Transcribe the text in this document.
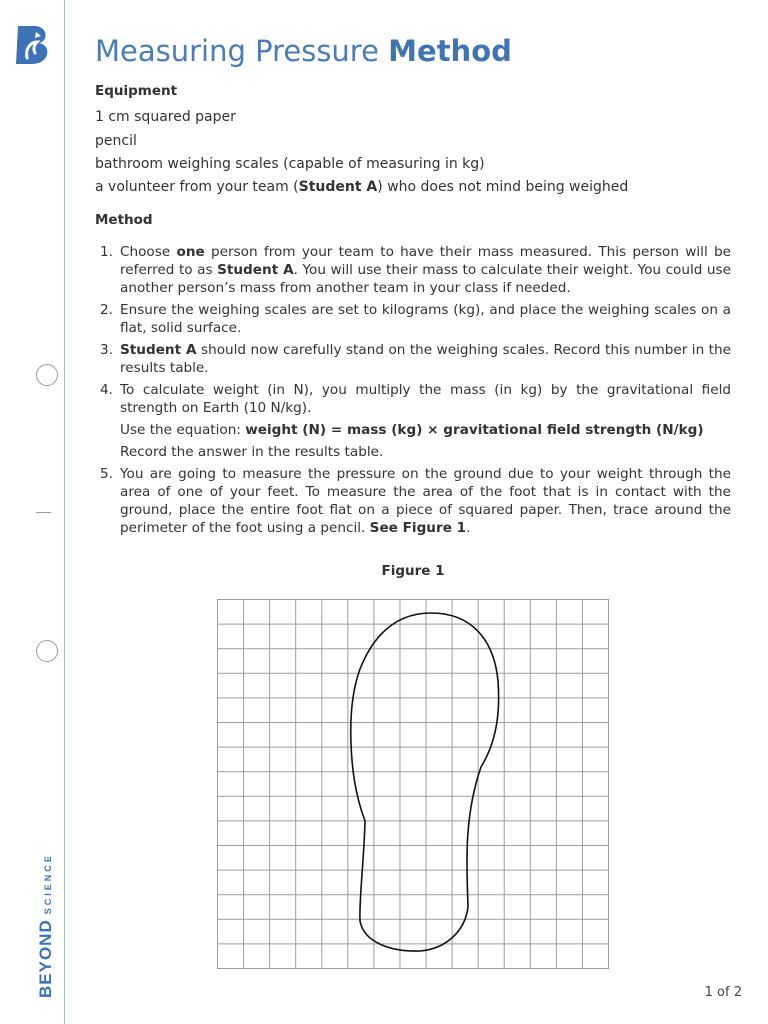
BEYONDSCIENCE
Measuring Pressure Method
Equipment
1 cm squared paper
pencil
bathroom weighing scales (capable of measuring in kg)
a volunteer from your team (Student A) who does not mind being weighed
Method
1. Choose one person from your team to have their mass measured. This person will be referred to as Student A. You will use their mass to calculate their weight. You could use another person’s mass from another team in your class if needed.

2. Ensure the weighing scales are set to kilograms (kg), and place the weighing scales on a flat, solid surface.

3. Student A should now carefully stand on the weighing scales. Record this number in the results table.

4. To calculate weight (in N), you multiply the mass (in kg) by the gravitational field strength on Earth (10 N/kg).

Use the equation: weight (N) = mass (kg) × gravitational field strength (N/kg)

Record the answer in the results table.

5. You are going to measure the pressure on the ground due to your weight through the area of one of your feet. To measure the area of the foot that is in contact with the ground, place the entire foot flat on a piece of squared paper. Then, trace around the perimeter of the foot using a pencil. See Figure 1.

Figure 1
1 of 2
